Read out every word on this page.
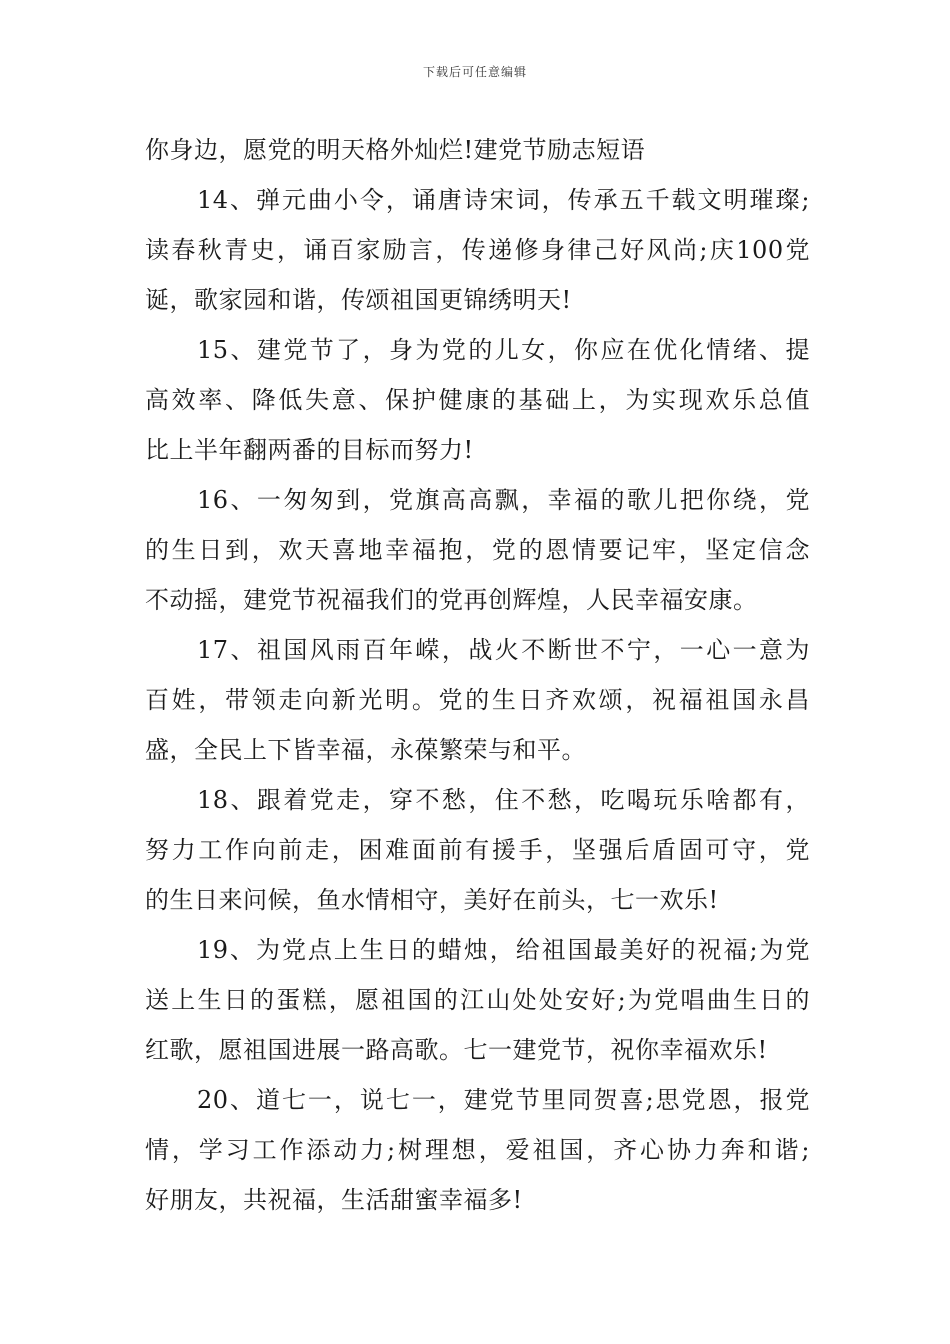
下载后可任意编辑
你身边，愿党的明天格外灿烂!建党节励志短语
14、弹元曲小令，诵唐诗宋词，传承五千载文明璀璨;
读春秋青史，诵百家励言，传递修身律己好风尚;庆100党
诞，歌家园和谐，传颂祖国更锦绣明天!
15、建党节了，身为党的儿女，你应在优化情绪、提
高效率、降低失意、保护健康的基础上，为实现欢乐总值
比上半年翻两番的目标而努力!
16、一匆匆到，党旗高高飘，幸福的歌儿把你绕，党
的生日到，欢天喜地幸福抱，党的恩情要记牢，坚定信念
不动摇，建党节祝福我们的党再创辉煌，人民幸福安康。
17、祖国风雨百年嵘，战火不断世不宁，一心一意为
百姓，带领走向新光明。党的生日齐欢颂，祝福祖国永昌
盛，全民上下皆幸福，永葆繁荣与和平。
18、跟着党走，穿不愁，住不愁，吃喝玩乐啥都有，
努力工作向前走，困难面前有援手，坚强后盾固可守，党
的生日来问候，鱼水情相守，美好在前头，七一欢乐!
19、为党点上生日的蜡烛，给祖国最美好的祝福;为党
送上生日的蛋糕，愿祖国的江山处处安好;为党唱曲生日的
红歌，愿祖国进展一路高歌。七一建党节，祝你幸福欢乐!
20、道七一，说七一，建党节里同贺喜;思党恩，报党
情，学习工作添动力;树理想，爱祖国，齐心协力奔和谐;
好朋友，共祝福，生活甜蜜幸福多!
